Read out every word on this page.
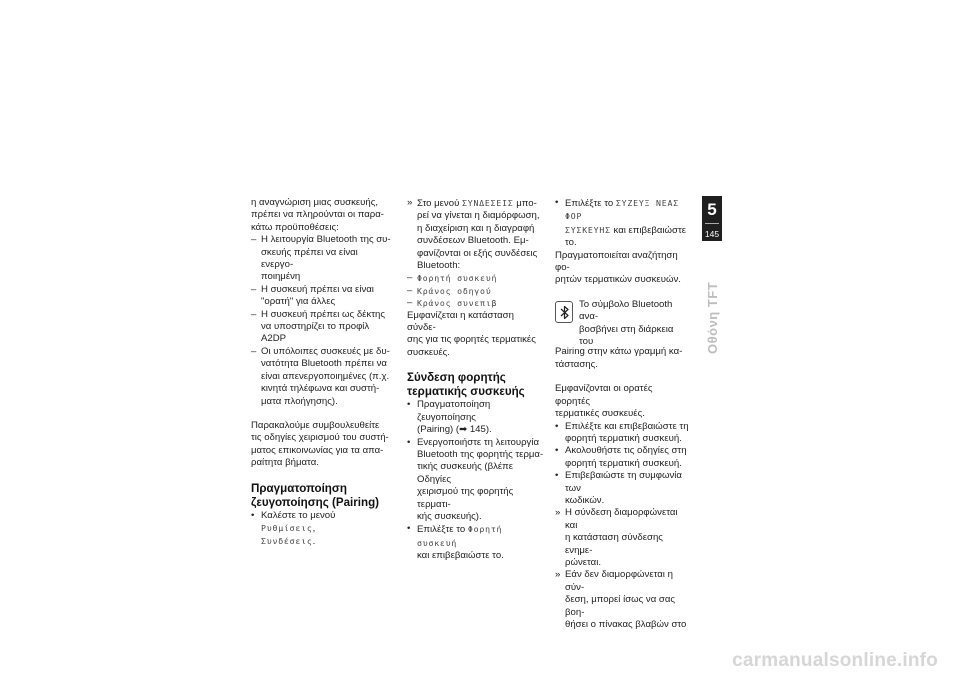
η αναγνώριση μιας συσκευής,

πρέπει να πληρούνται οι παρα-

κάτω προϋποθέσεις:

– Η λειτουργία Bluetooth της συ-

σκευής πρέπει να είναι ενεργο-

ποιημένη

– Η συσκευή πρέπει να είναι

"ορατή" για άλλες

– Η συσκευή πρέπει ως δέκτης

να υποστηρίζει το προφίλ A2DP

– Οι υπόλοιπες συσκευές με δυ-

νατότητα Bluetooth πρέπει να

είναι απενεργοποιημένες (π.χ.

κινητά τηλέφωνα και συστή-

ματα πλοήγησης).

Παρακαλούμε συμβουλευθείτε

τις οδηγίες χειρισμού του συστή-

ματος επικοινωνίας για τα απα-

ραίτητα βήματα.

Πραγματοποίηση

ζευγοποίησης (Pairing)

• Καλέστε το μενού Ρυθμίσεις,

Συνδέσεις.

» Στο μενού ΣΥΝΔΕΣΕΙΣ μπο-

ρεί να γίνεται η διαμόρφωση,

η διαχείριση και η διαγραφή

συνδέσεων Bluetooth. Εμ-

φανίζονται οι εξής συνδέσεις

Bluetooth:

– Φορητή συσκευή

– Κράνος οδηγού

– Κράνος συνεπιβ

Εμφανίζεται η κατάσταση σύνδε-

σης για τις φορητές τερματικές

συσκευές.

Σύνδεση φορητής

τερματικής συσκευής

• Πραγματοποίηση ζευγοποίησης

(Pairing) (➡ 145).

• Ενεργοποιήστε τη λειτουργία

Bluetooth της φορητής τερμα-

τικής συσκευής (βλέπε Οδηγίες

χειρισμού της φορητής τερματι-

κής συσκευής).

• Επιλέξτε το Φορητή συσκευή

και επιβεβαιώστε το.

• Επιλέξτε το ΣΥΖΕΥΞ ΝΕΑΣ ΦΟΡ

ΣΥΣΚΕΥΗΣ και επιβεβαιώστε

το.

Πραγματοποιείται αναζήτηση φο-

ρητών τερματικών συσκευών.

Το σύμβολο Bluetooth ανα-

βοσβήνει στη διάρκεια του

Pairing στην κάτω γραμμή κα-

τάστασης.

Εμφανίζονται οι ορατές φορητές

τερματικές συσκευές.

• Επιλέξτε και επιβεβαιώστε τη

φορητή τερματική συσκευή.

• Ακολουθήστε τις οδηγίες στη

φορητή τερματική συσκευή.

• Επιβεβαιώστε τη συμφωνία των

κωδικών.

» Η σύνδεση διαμορφώνεται και

η κατάσταση σύνδεσης ενημε-

ρώνεται.

» Εάν δεν διαμορφώνεται η σύν-

δεση, μπορεί ίσως να σας βοη-

θήσει ο πίνακας βλαβών στο

5
145
Οθόνη TFT
carmanualsonline.info
